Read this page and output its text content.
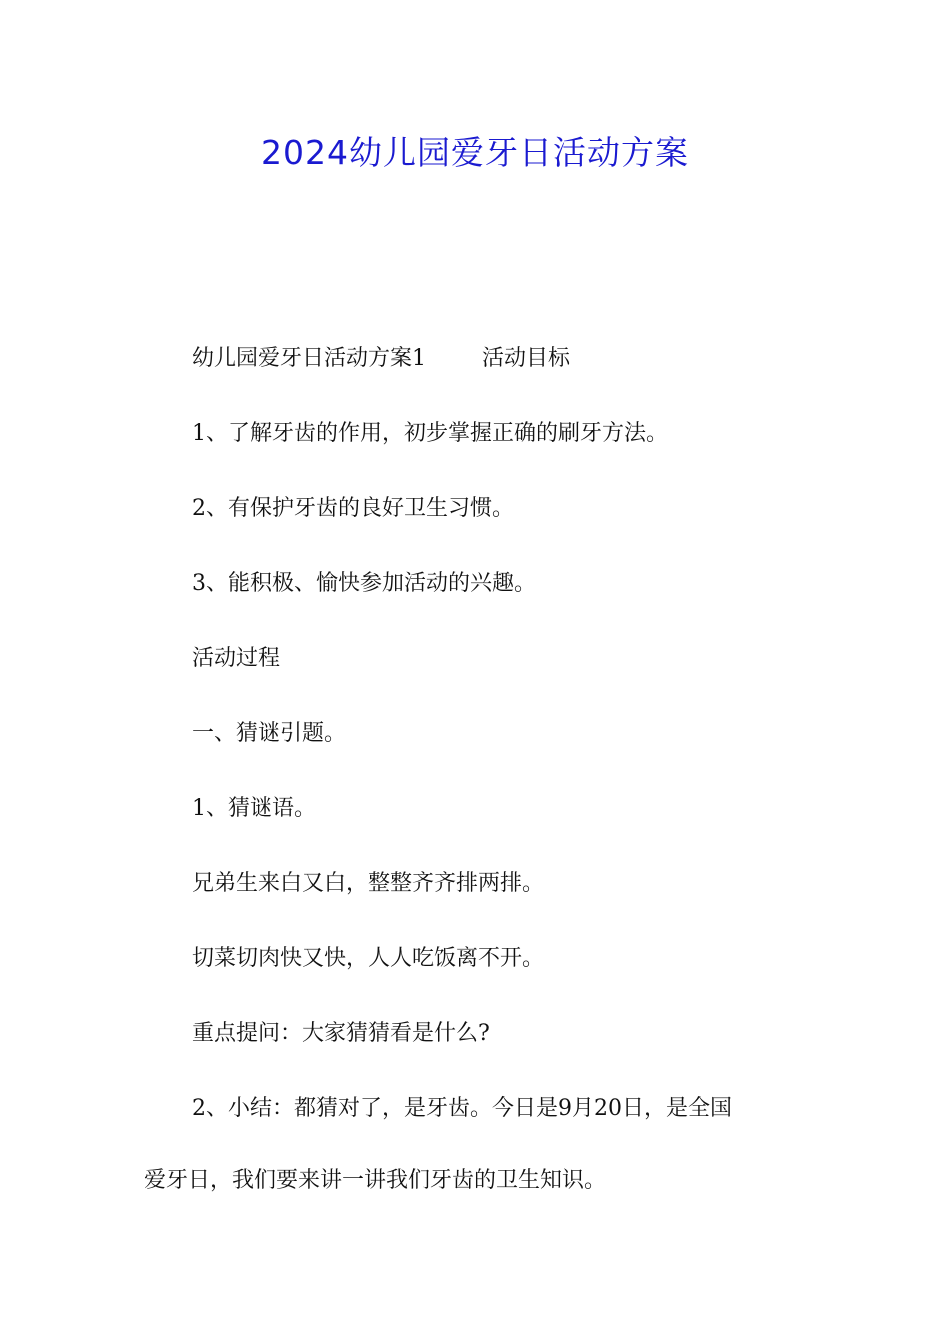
2024幼儿园爱牙日活动方案

幼儿园爱牙日活动方案1	活动目标

1、了解牙齿的作用，初步掌握正确的刷牙方法。

2、有保护牙齿的良好卫生习惯。

3、能积极、愉快参加活动的兴趣。

活动过程

一、猜谜引题。

1、猜谜语。

兄弟生来白又白，整整齐齐排两排。

切菜切肉快又快，人人吃饭离不开。

重点提问：大家猜猜看是什么?

2、小结：都猜对了，是牙齿。今日是9月20日，是全国

爱牙日，我们要来讲一讲我们牙齿的卫生知识。
